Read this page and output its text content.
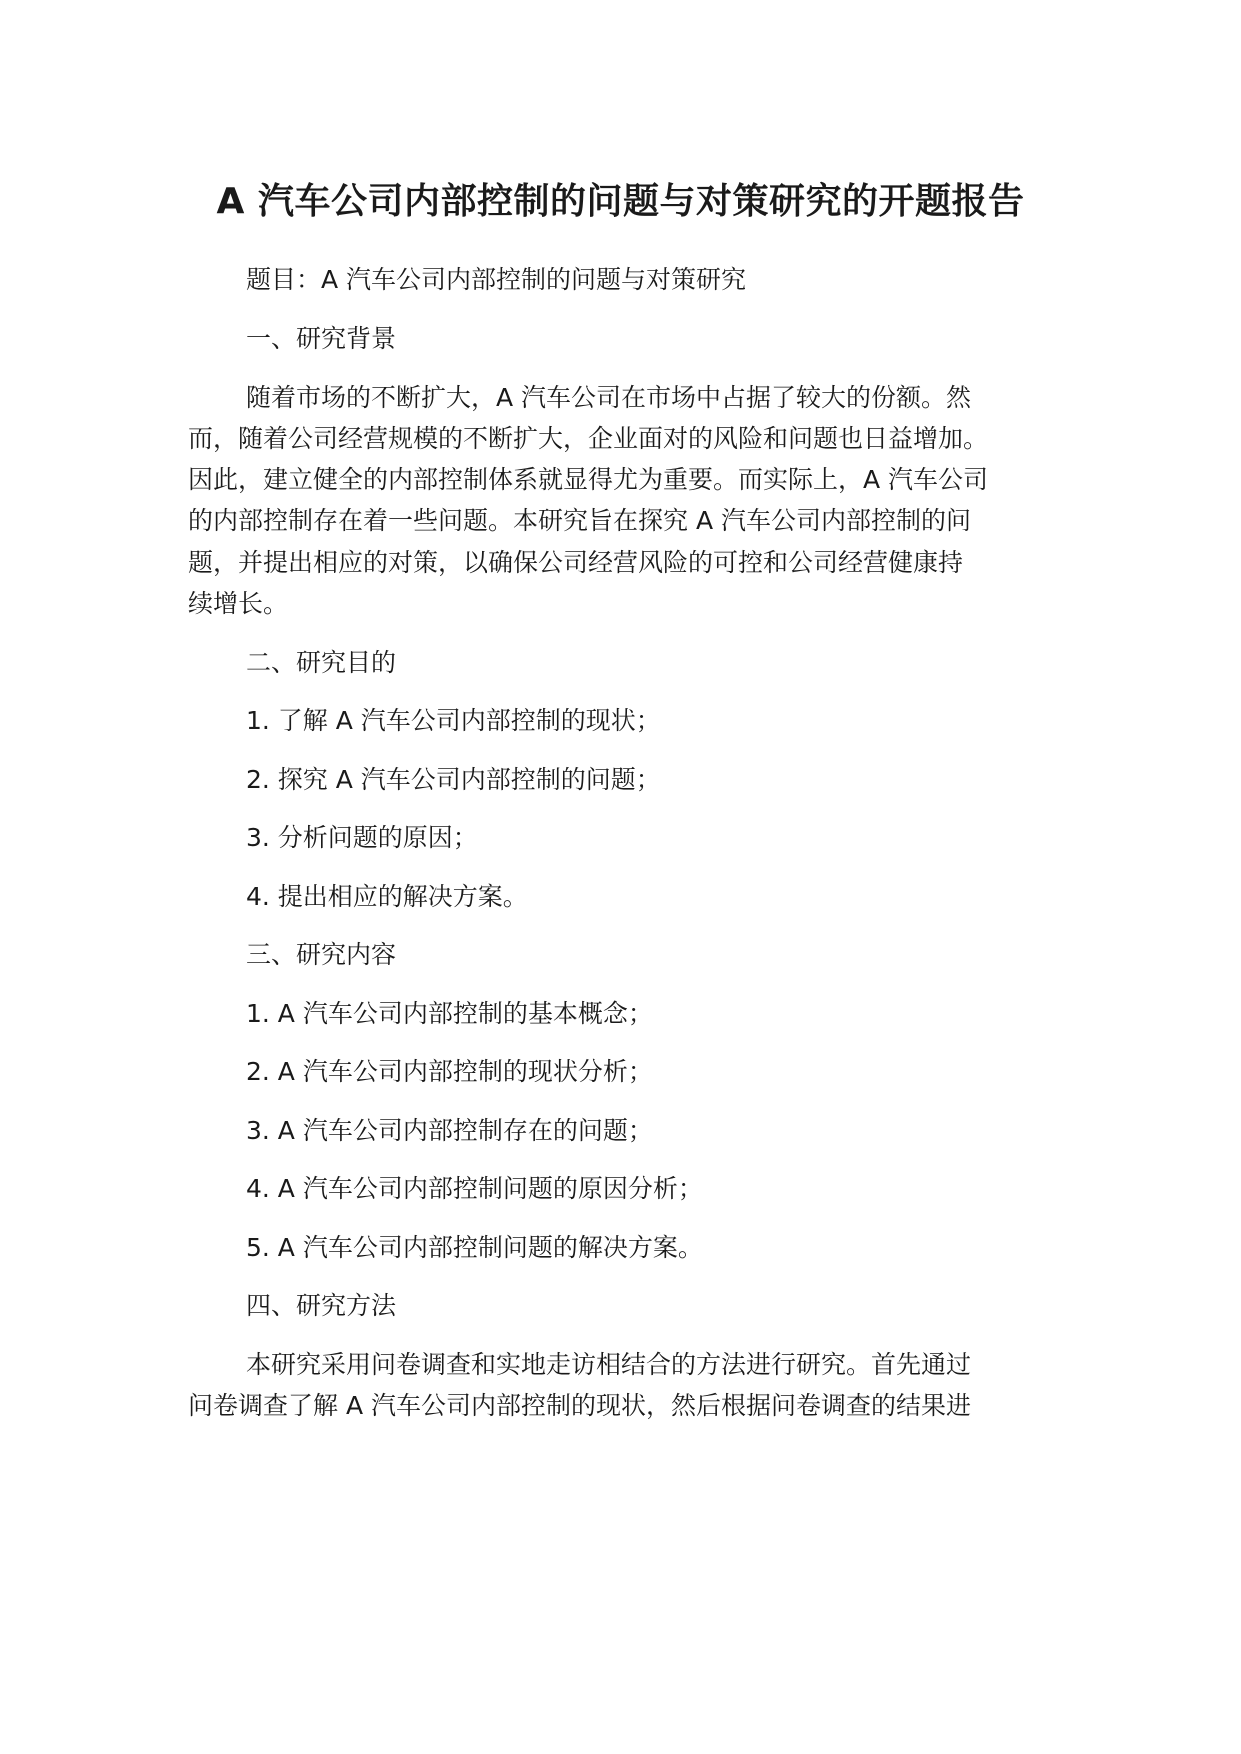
A 汽车公司内部控制的问题与对策研究的开题报告

题目：A 汽车公司内部控制的问题与对策研究

一、研究背景

随着市场的不断扩大，A 汽车公司在市场中占据了较大的份额。然

而，随着公司经营规模的不断扩大，企业面对的风险和问题也日益增加。

因此，建立健全的内部控制体系就显得尤为重要。而实际上，A 汽车公司

的内部控制存在着一些问题。本研究旨在探究 A 汽车公司内部控制的问

题，并提出相应的对策，以确保公司经营风险的可控和公司经营健康持

续增长。

二、研究目的

1. 了解 A 汽车公司内部控制的现状；

2. 探究 A 汽车公司内部控制的问题；

3. 分析问题的原因；

4. 提出相应的解决方案。

三、研究内容

1. A 汽车公司内部控制的基本概念；

2. A 汽车公司内部控制的现状分析；

3. A 汽车公司内部控制存在的问题；

4. A 汽车公司内部控制问题的原因分析；

5. A 汽车公司内部控制问题的解决方案。

四、研究方法

本研究采用问卷调查和实地走访相结合的方法进行研究。首先通过

问卷调查了解 A 汽车公司内部控制的现状，然后根据问卷调查的结果进
